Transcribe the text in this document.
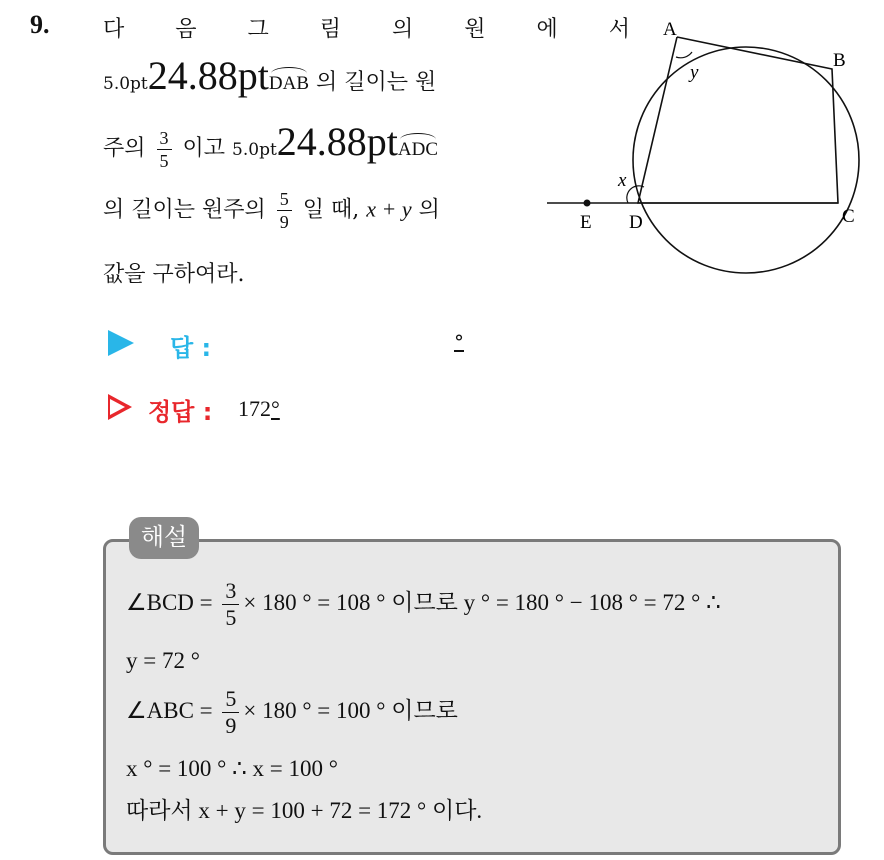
9. 다 음 그 림 의 원 에 서
5.0pt24.88ptDAB 의 길이는 원
주의 $\frac{3}{5}$ 이고 5.0pt24.88ptADC
의 길이는 원주의 $\frac{5}{9}$ 일 때, x + y 의
값을 구하여라.
A
B
C
D
E
x
y
답 :	°
정답 : 172°
해설
∠BCD = $\frac{3}{5} \times 180$ ° = 108 ° 이므로 y ° = 180 ° − 108 ° = 72 ° ∴
y = 72 °
∠ABC = $\frac{5}{9} \times 180$ ° = 100 ° 이므로
x ° = 100 ° ∴ x = 100 °
따라서 x + y = 100 + 72 = 172 ° 이다.
